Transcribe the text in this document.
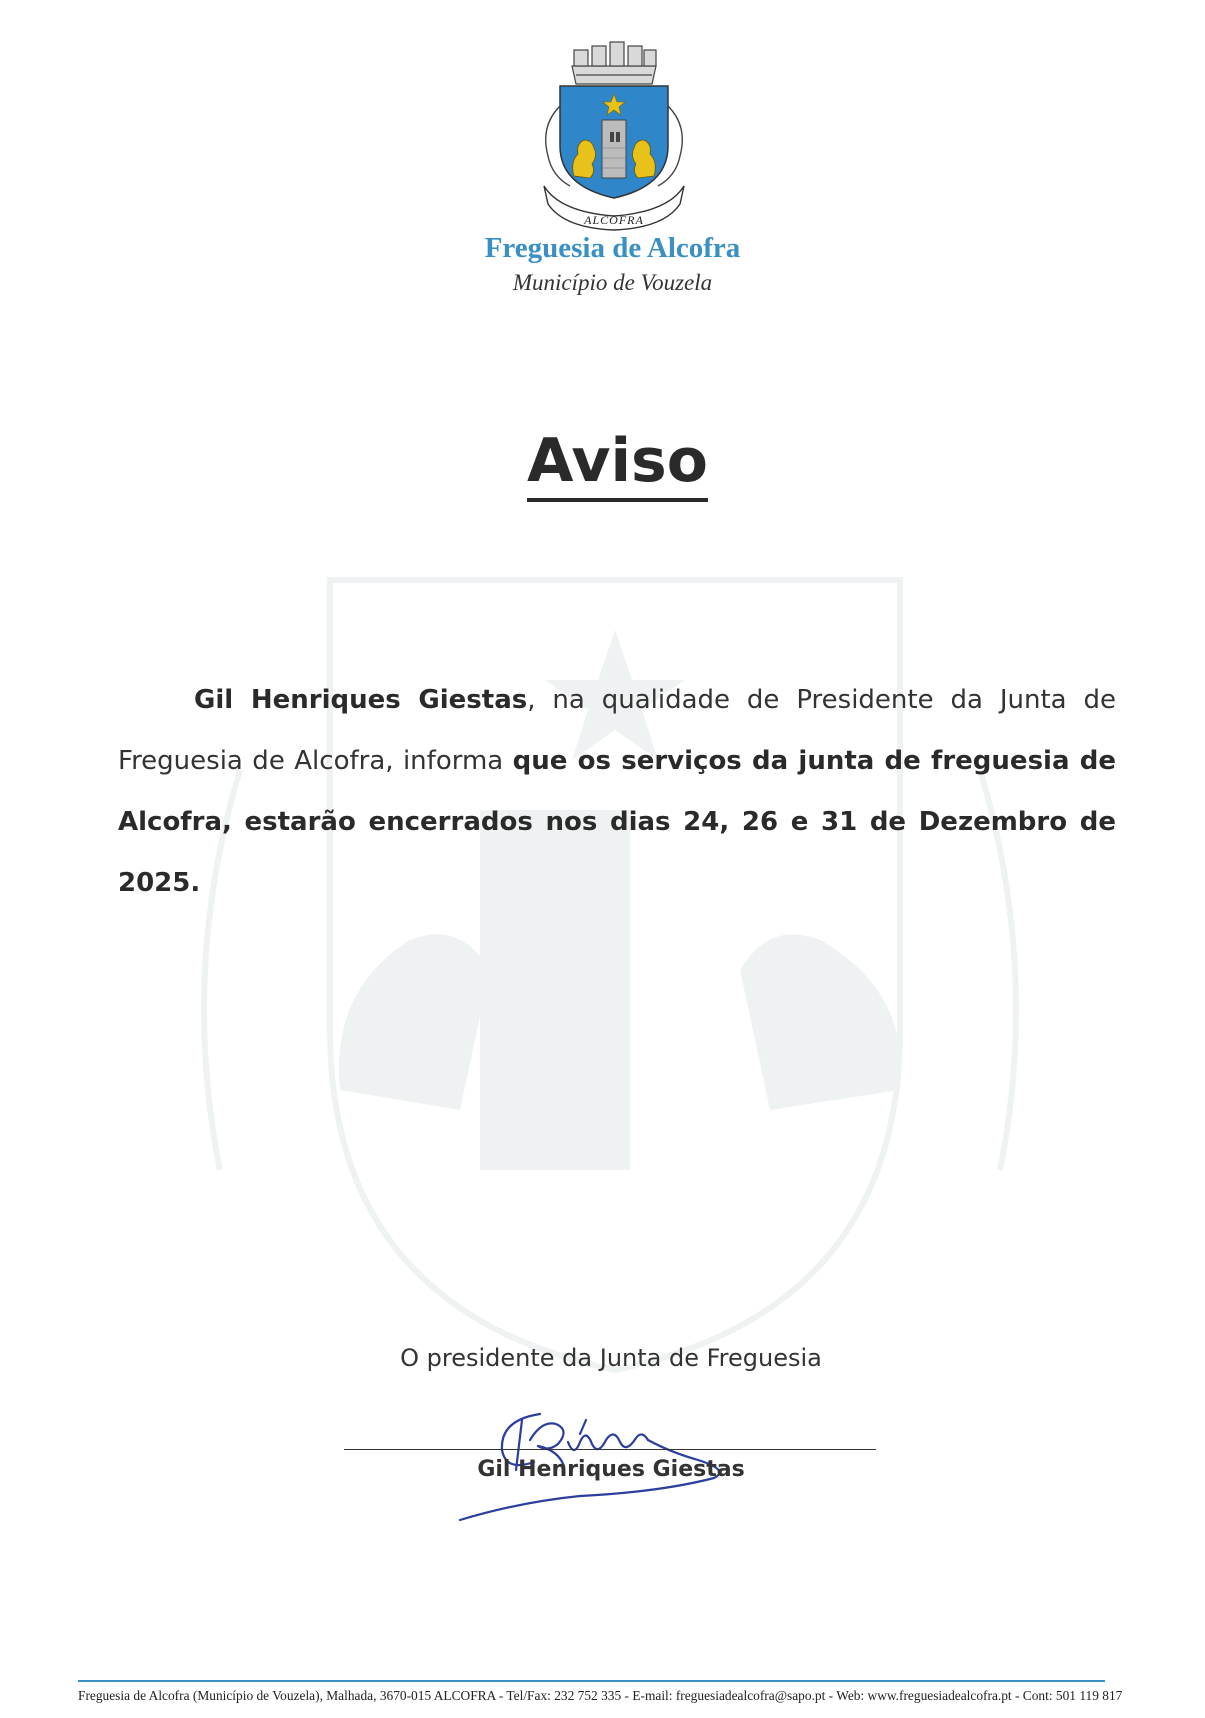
ALCOFRA
Freguesia de Alcofra
Município de Vouzela
Aviso
Gil Henriques Giestas, na qualidade de Presidente da Junta de Freguesia de Alcofra, informa que os serviços da junta de freguesia de Alcofra, estarão encerrados nos dias 24, 26 e 31 de Dezembro de 2025.
O presidente da Junta de Freguesia
Gil Henriques Giestas
Freguesia de Alcofra (Município de Vouzela), Malhada, 3670-015 ALCOFRA - Tel/Fax: 232 752 335 - E-mail: freguesiadealcofra@sapo.pt - Web: www.freguesiadealcofra.pt - Cont: 501 119 817
